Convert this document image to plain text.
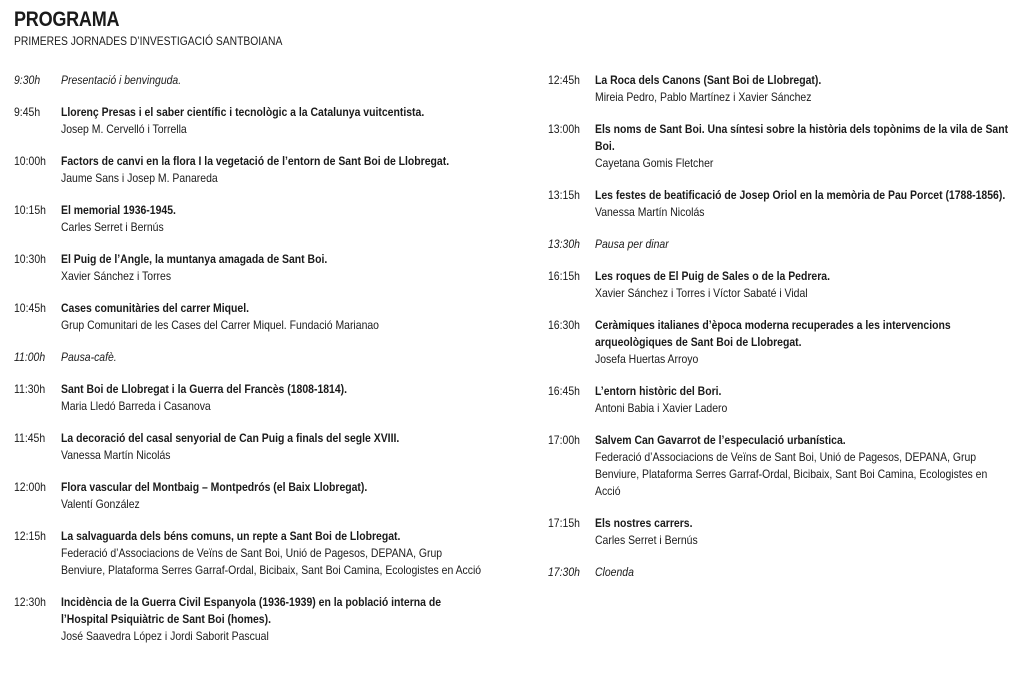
PROGRAMA
PRIMERES JORNADES D’INVESTIGACIÓ SANTBOIANA
9:30h	Presentació i benvinguda.
9:45h	Llorenç Presas i el saber científic i tecnològic a la Catalunya vuitcentista.
Josep M. Cervelló i Torrella
10:00h	Factors de canvi en la flora I la vegetació de l’entorn de Sant Boi de Llobregat.
Jaume Sans i Josep M. Panareda
10:15h	El memorial 1936-1945.
Carles Serret i Bernús
10:30h	El Puig de l’Angle, la muntanya amagada de Sant Boi.
Xavier Sánchez i Torres
10:45h	Cases comunitàries del carrer Miquel.
Grup Comunitari de les Cases del Carrer Miquel. Fundació Marianao
11:00h	Pausa-cafè.
11:30h	Sant Boi de Llobregat i la Guerra del Francès (1808-1814).
Maria Lledó Barreda i Casanova
11:45h	La decoració del casal senyorial de Can Puig a finals del segle XVIII.
Vanessa Martín Nicolás
12:00h	Flora vascular del Montbaig – Montpedrós (el Baix Llobregat).
Valentí González
12:15h	La salvaguarda dels béns comuns, un repte a Sant Boi de Llobregat.
Federació d’Associacions de Veïns de Sant Boi, Unió de Pagesos, DEPANA, Grup Benviure, Plataforma Serres Garraf-Ordal, Bicibaix, Sant Boi Camina, Ecologistes en Acció
12:30h	Incidència de la Guerra Civil Espanyola (1936-1939) en la població interna de l’Hospital Psiquiàtric de Sant Boi (homes).
José Saavedra López i Jordi Saborit Pascual
12:45h	La Roca dels Canons (Sant Boi de Llobregat).
Mireia Pedro, Pablo Martínez i Xavier Sánchez
13:00h	Els noms de Sant Boi. Una síntesi sobre la història dels topònims de la vila de Sant Boi.
Cayetana Gomis Fletcher
13:15h	Les festes de beatificació de Josep Oriol en la memòria de Pau Porcet (1788-1856).
Vanessa Martín Nicolás
13:30h	Pausa per dinar
16:15h	Les roques de El Puig de Sales o de la Pedrera.
Xavier Sánchez i Torres i Víctor Sabaté i Vidal
16:30h	Ceràmiques italianes d’època moderna recuperades a les intervencions arqueològiques de Sant Boi de Llobregat.
Josefa Huertas Arroyo
16:45h	L’entorn històric del Bori.
Antoni Babia i Xavier Ladero
17:00h	Salvem Can Gavarrot de l’especulació urbanística.
Federació d’Associacions de Veïns de Sant Boi, Unió de Pagesos, DEPANA, Grup Benviure, Plataforma Serres Garraf-Ordal, Bicibaix, Sant Boi Camina, Ecologistes en Acció
17:15h	Els nostres carrers.
Carles Serret i Bernús
17:30h	Cloenda
